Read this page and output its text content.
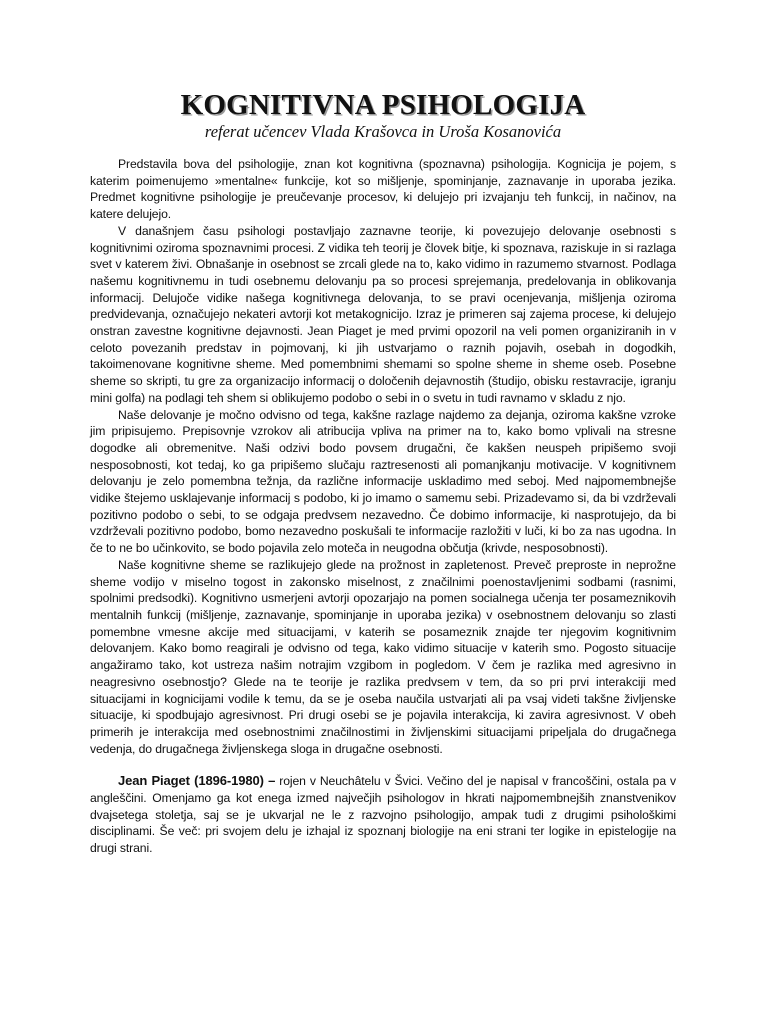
KOGNITIVNA PSIHOLOGIJA
referat učencev Vlada Krašovca in Uroša Kosanovića

Predstavila bova del psihologije, znan kot kognitivna (spoznavna) psihologija. Kognicija je pojem, s katerim poimenujemo »mentalne« funkcije, kot so mišljenje, spominjanje, zaznavanje in uporaba jezika. Predmet kognitivne psihologije je preučevanje procesov, ki delujejo pri izvajanju teh funkcij, in načinov, na katere delujejo.

V današnjem času psihologi postavljajo zaznavne teorije, ki povezujejo delovanje osebnosti s kognitivnimi oziroma spoznavnimi procesi. Z vidika teh teorij je človek bitje, ki spoznava, raziskuje in si razlaga svet v katerem živi. Obnašanje in osebnost se zrcali glede na to, kako vidimo in razumemo stvarnost. Podlaga našemu kognitivnemu in tudi osebnemu delovanju pa so procesi sprejemanja, predelovanja in oblikovanja informacij. Delujoče vidike našega kognitivnega delovanja, to se pravi ocenjevanja, mišljenja oziroma predvidevanja, označujejo nekateri avtorji kot metakognicijo. Izraz je primeren saj zajema procese, ki delujejo onstran zavestne kognitivne dejavnosti. Jean Piaget je med prvimi opozoril na veli pomen organiziranih in v celoto povezanih predstav in pojmovanj, ki jih ustvarjamo o raznih pojavih, osebah in dogodkih, takoimenovane kognitivne sheme. Med pomembnimi shemami so spolne sheme in sheme oseb. Posebne sheme so skripti, tu gre za organizacijo informacij o določenih dejavnostih (študijo, obisku restavracije, igranju mini golfa) na podlagi teh shem si oblikujemo podobo o sebi in o svetu in tudi ravnamo v skladu z njo.

Naše delovanje je močno odvisno od tega, kakšne razlage najdemo za dejanja, oziroma kakšne vzroke jim pripisujemo. Prepisovnje vzrokov ali atribucija vpliva na primer na to, kako bomo vplivali na stresne dogodke ali obremenitve. Naši odzivi bodo povsem drugačni, če kakšen neuspeh pripišemo svoji nesposobnosti, kot tedaj, ko ga pripišemo slučaju raztresenosti ali pomanjkanju motivacije. V kognitivnem delovanju je zelo pomembna težnja, da različne informacije uskladimo med seboj. Med najpomembnejše vidike štejemo usklajevanje informacij s podobo, ki jo imamo o samemu sebi. Prizadevamo si, da bi vzdrževali pozitivno podobo o sebi, to se odgaja predvsem nezavedno. Če dobimo informacije, ki nasprotujejo, da bi vzdrževali pozitivno podobo, bomo nezavedno poskušali te informacije razložiti v luči, ki bo za nas ugodna. In če to ne bo učinkovito, se bodo pojavila zelo moteča in neugodna občutja (krivde, nesposobnosti).

Naše kognitivne sheme se razlikujejo glede na prožnost in zapletenost. Preveč preproste in neprožne sheme vodijo v miselno togost in zakonsko miselnost, z značilnimi poenostavljenimi sodbami (rasnimi, spolnimi predsodki). Kognitivno usmerjeni avtorji opozarjajo na pomen socialnega učenja ter posameznikovih mentalnih funkcij (mišljenje, zaznavanje, spominjanje in uporaba jezika) v osebnostnem delovanju so zlasti pomembne vmesne akcije med situacijami, v katerih se posameznik znajde ter njegovim kognitivnim delovanjem. Kako bomo reagirali je odvisno od tega, kako vidimo situacije v katerih smo. Pogosto situacije angažiramo tako, kot ustreza našim notrajim vzgibom in pogledom. V čem je razlika med agresivno in neagresivno osebnostjo? Glede na te teorije je razlika predvsem v tem, da so pri prvi interakciji med situacijami in kognicijami vodile k temu, da se je oseba naučila ustvarjati ali pa vsaj videti takšne življenske situacije, ki spodbujajo agresivnost. Pri drugi osebi se je pojavila interakcija, ki zavira agresivnost. V obeh primerih je interakcija med osebnostnimi značilnostimi in življenskimi situacijami pripeljala do drugačnega vedenja, do drugačnega življenskega sloga in drugačne osebnosti.

Jean Piaget (1896-1980) – rojen v Neuchâtelu v Švici. Večino del je napisal v francoščini, ostala pa v angleščini. Omenjamo ga kot enega izmed največjih psihologov in hkrati najpomembnejših znanstvenikov dvajsetega stoletja, saj se je ukvarjal ne le z razvojno psihologijo, ampak tudi z drugimi psihološkimi disciplinami. Še več: pri svojem delu je izhajal iz spoznanj biologije na eni strani ter logike in epistelogije na drugi strani.
